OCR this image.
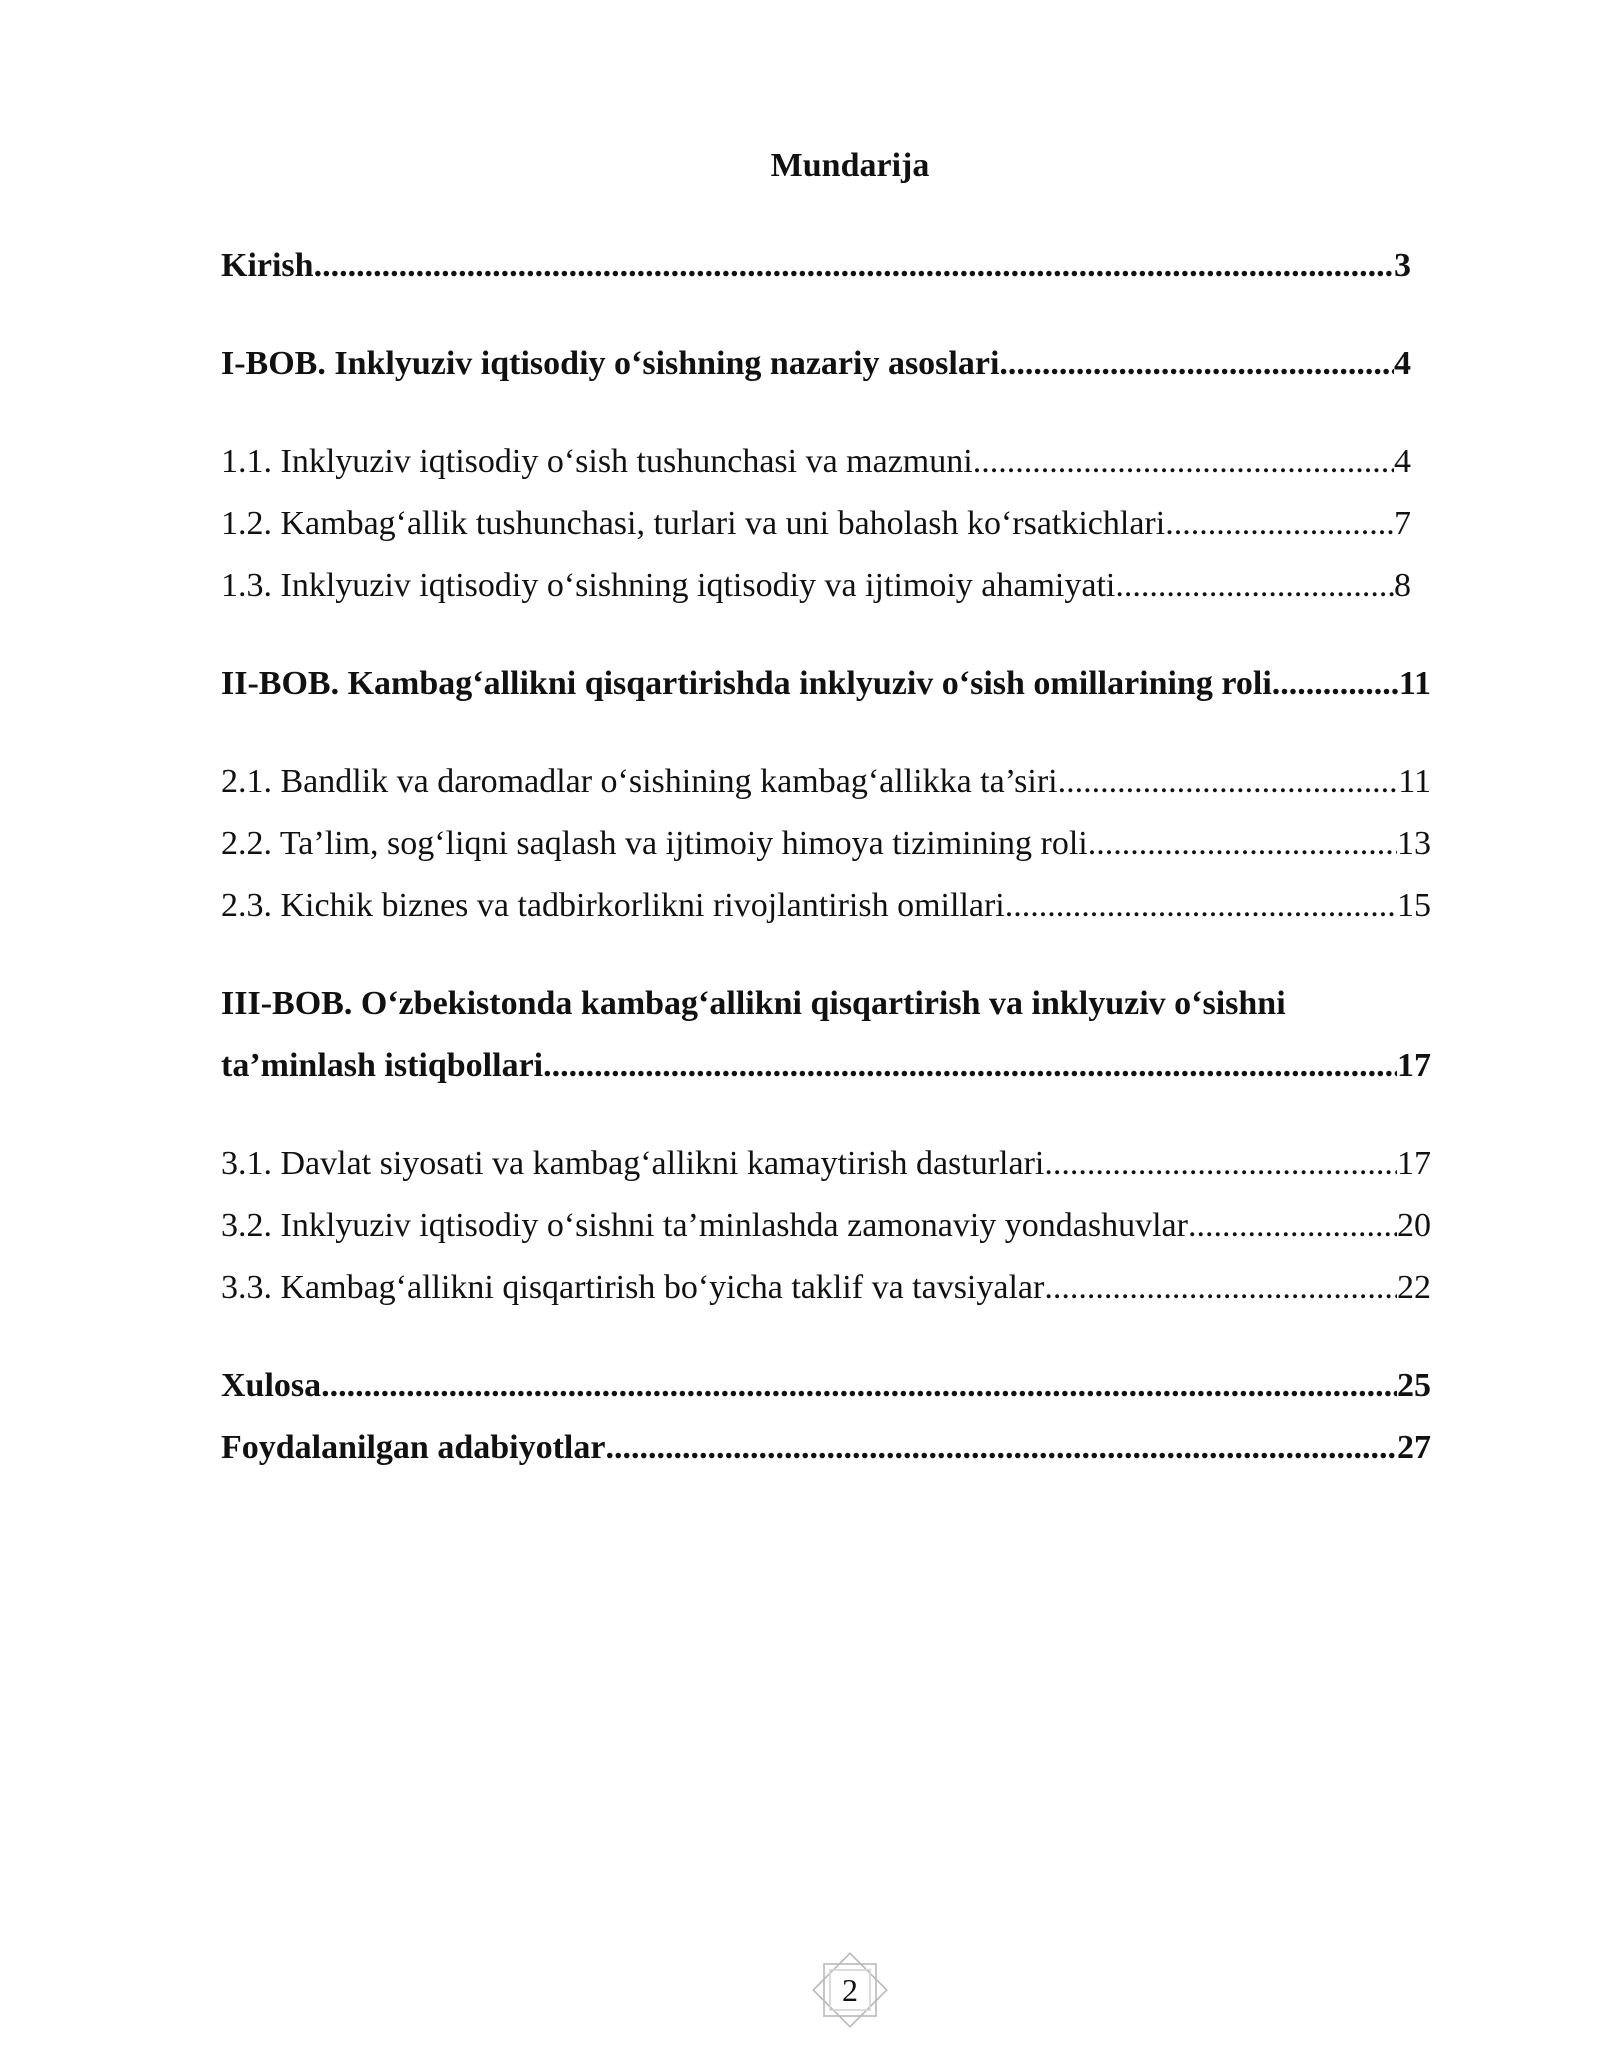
Mundarija
Kirish .....	3
I-BOB. Inklyuziv iqtisodiy o‘sishning nazariy asoslari .....	4
1.1. Inklyuziv iqtisodiy o‘sish tushunchasi va mazmuni .....	4
1.2. Kambag‘allik tushunchasi, turlari va uni baholash ko‘rsatkichlari .....	7
1.3. Inklyuziv iqtisodiy o‘sishning iqtisodiy va ijtimoiy ahamiyati .....	8
II-BOB. Kambag‘allikni qisqartirishda inklyuziv o‘sish omillarining roli .....	11
2.1. Bandlik va daromadlar o‘sishining kambag‘allikka ta’siri .....	11
2.2. Ta’lim, sog‘liqni saqlash va ijtimoiy himoya tizimining roli .....	13
2.3. Kichik biznes va tadbirkorlikni rivojlantirish omillari .....	15
III-BOB. O‘zbekistonda kambag‘allikni qisqartirish va inklyuziv o‘sishni
ta’minlash istiqbollari .....	17
3.1. Davlat siyosati va kambag‘allikni kamaytirish dasturlari .....	17
3.2. Inklyuziv iqtisodiy o‘sishni ta’minlashda zamonaviy yondashuvlar .....	20
3.3. Kambag‘allikni qisqartirish bo‘yicha taklif va tavsiyalar .....	22
Xulosa .....	25
Foydalanilgan adabiyotlar .....	27
2
